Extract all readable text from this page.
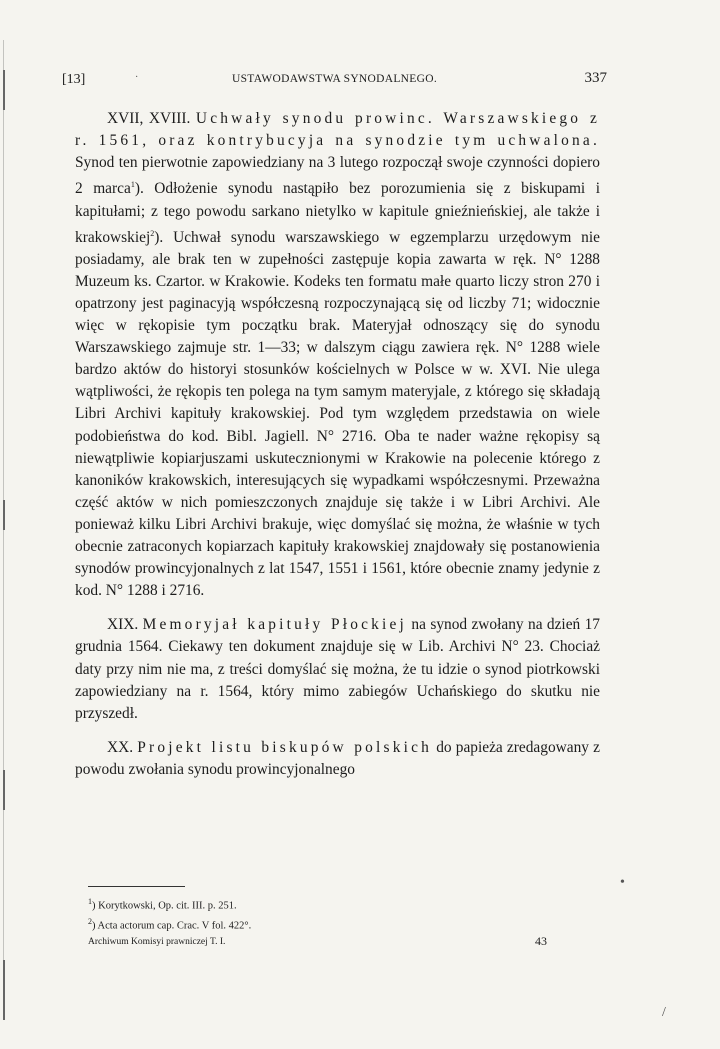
·
•
/
[13]	USTAWODAWSTWA SYNODALNEGO.	337

XVII, XVIII. Uchwały synodu prowinc. Warszawskiego z r. 1561, oraz kontrybucyja na synodzie tym uchwalona. Synod ten pierwotnie zapowiedziany na 3 lutego rozpoczął swoje czynności dopiero 2 marca$^1$). Odłożenie synodu nastąpiło bez porozumienia się z biskupami i kapitułami; z tego powodu sarkano nietylko w kapitule gnieźnieńskiej, ale także i krakowskiej$^2$). Uchwał synodu warszawskiego w egzemplarzu urzędowym nie posiadamy, ale brak ten w zupełności zastępuje kopia zawarta w ręk. N° 1288 Muzeum ks. Czartor. w Krakowie. Kodeks ten formatu małe quarto liczy stron 270 i opatrzony jest paginacyją współczesną rozpoczynającą się od liczby 71; widocznie więc w rękopisie tym początku brak. Materyjał odnoszący się do synodu Warszawskiego zajmuje str. 1—33; w dalszym ciągu zawiera ręk. N° 1288 wiele bardzo aktów do historyi stosunków kościelnych w Polsce w w. XVI. Nie ulega wątpliwości, że rękopis ten polega na tym samym materyjale, z którego się składają Libri Archivi kapituły krakowskiej. Pod tym względem przedstawia on wiele podobieństwa do kod. Bibl. Jagiell. N° 2716. Oba te nader ważne rękopisy są niewątpliwie kopiarjuszami uskutecznionymi w Krakowie na polecenie którego z kanoników krakowskich, interesujących się wypadkami współczesnymi. Przeważna część aktów w nich pomieszczonych znajduje się także i w Libri Archivi. Ale ponieważ kilku Libri Archivi brakuje, więc domyślać się można, że właśnie w tych obecnie zatraconych kopiarzach kapituły krakowskiej znajdowały się postanowienia synodów prowincyjonalnych z lat 1547, 1551 i 1561, które obecnie znamy jedynie z kod. N° 1288 i 2716.

XIX. Memoryjał kapituły Płockiej na synod zwołany na dzień 17 grudnia 1564. Ciekawy ten dokument znajduje się w Lib. Archivi N° 23. Chociaż daty przy nim nie ma, z treści domyślać się można, że tu idzie o synod piotrkowski zapowiedziany na r. 1564, który mimo zabiegów Uchańskiego do skutku nie przyszedł.

XX. Projekt listu biskupów polskich do papieża zredagowany z powodu zwołania synodu prowincyjonalnego

$^1$) Korytkowski, Op. cit. III. p. 251.

$^2$) Acta actorum cap. Crac. V fol. 422°.

Archiwum Komisyi prawniczej T. I.	43
